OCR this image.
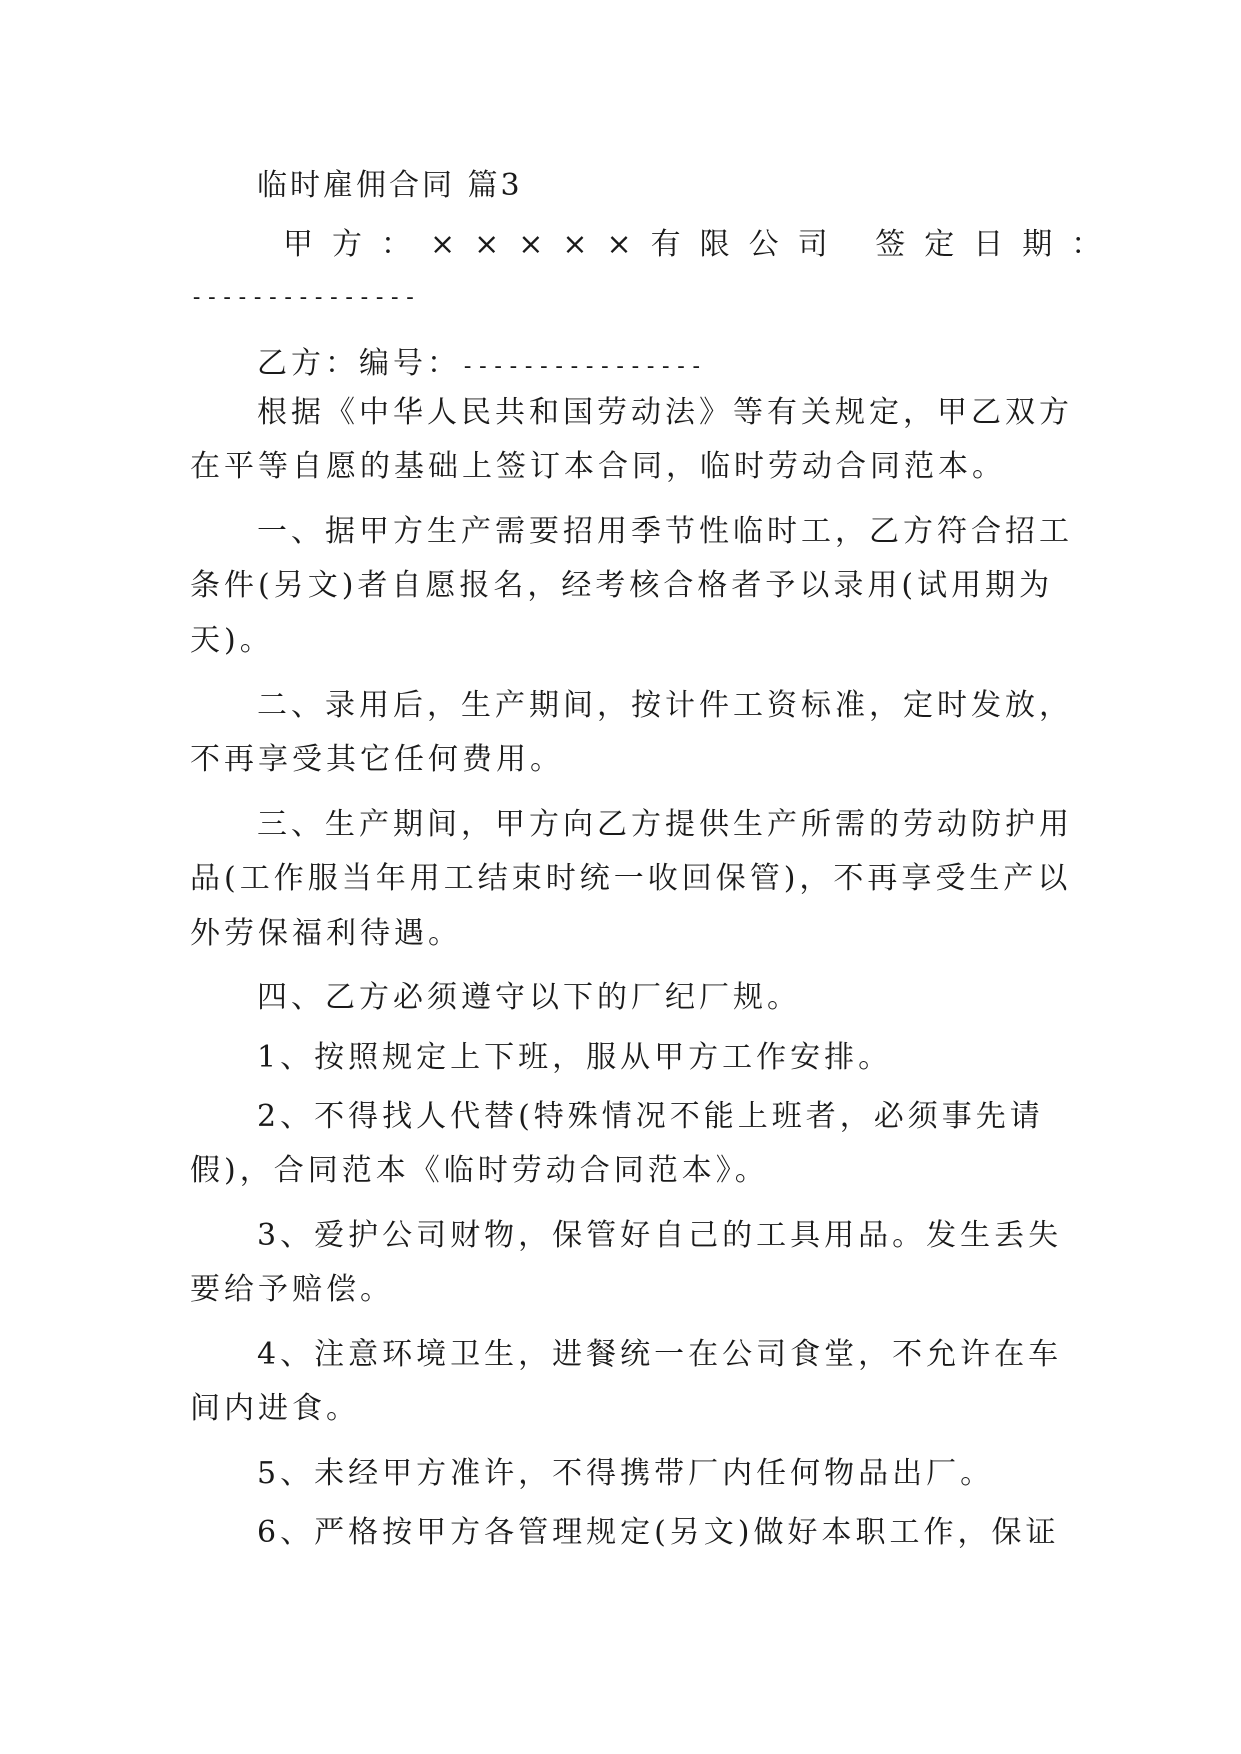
临时雇佣合同 篇3
甲方：×××××有限公司 签定日期：
---------------
乙方：编号：----------------
根据《中华人民共和国劳动法》等有关规定，甲乙双方
在平等自愿的基础上签订本合同，临时劳动合同范本。
一、据甲方生产需要招用季节性临时工，乙方符合招工
条件(另文)者自愿报名，经考核合格者予以录用(试用期为
天)。
二、录用后，生产期间，按计件工资标准，定时发放，
不再享受其它任何费用。
三、生产期间，甲方向乙方提供生产所需的劳动防护用
品(工作服当年用工结束时统一收回保管)，不再享受生产以
外劳保福利待遇。
四、乙方必须遵守以下的厂纪厂规。
1、按照规定上下班，服从甲方工作安排。
2、不得找人代替(特殊情况不能上班者，必须事先请
假)，合同范本《临时劳动合同范本》。
3、爱护公司财物，保管好自己的工具用品。发生丢失
要给予赔偿。
4、注意环境卫生，进餐统一在公司食堂，不允许在车
间内进食。
5、未经甲方准许，不得携带厂内任何物品出厂。
6、严格按甲方各管理规定(另文)做好本职工作，保证
